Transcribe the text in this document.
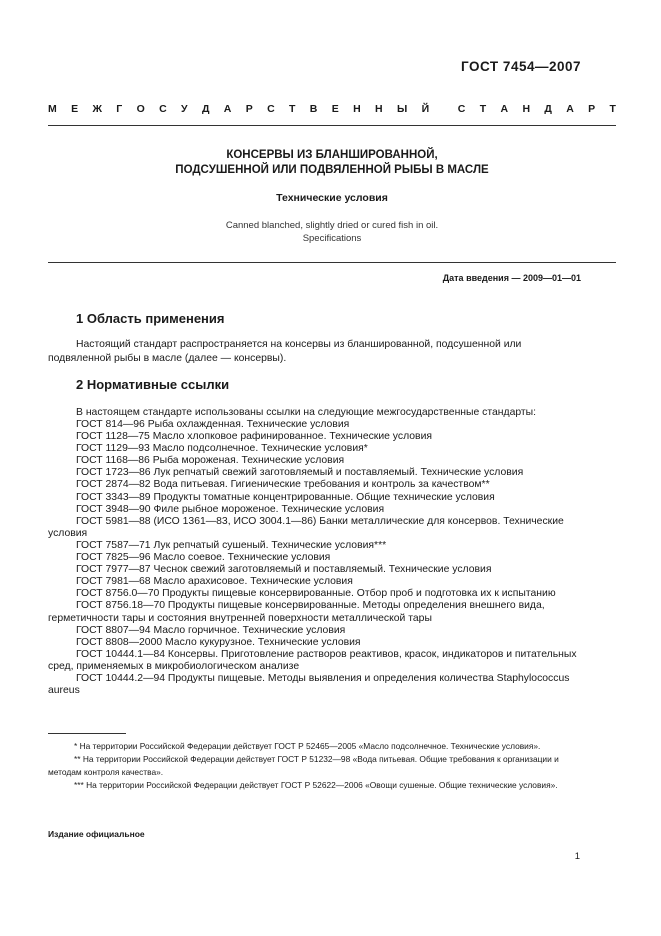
ГОСТ 7454—2007
М Е Ж Г О С У Д А Р С Т В Е Н Н Ы Й	С Т А Н Д А Р Т
КОНСЕРВЫ ИЗ БЛАНШИРОВАННОЙ,
ПОДСУШЕННОЙ ИЛИ ПОДВЯЛЕННОЙ РЫБЫ В МАСЛЕ
Технические условия
Canned blanched, slightly dried or cured fish in oil.
Specifications
Дата введения — 2009—01—01
1 Область применения
Настоящий стандарт распространяется на консервы из бланшированной, подсушенной или подвяленной рыбы в масле (далее — консервы).
2 Нормативные ссылки
В настоящем стандарте использованы ссылки на следующие межгосударственные стандарты:
ГОСТ 814—96 Рыба охлажденная. Технические условия
ГОСТ 1128—75 Масло хлопковое рафинированное. Технические условия
ГОСТ 1129—93 Масло подсолнечное. Технические условия*
ГОСТ 1168—86 Рыба мороженая. Технические условия
ГОСТ 1723—86 Лук репчатый свежий заготовляемый и поставляемый. Технические условия
ГОСТ 2874—82 Вода питьевая. Гигиенические требования и контроль за качеством**
ГОСТ 3343—89 Продукты томатные концентрированные. Общие технические условия
ГОСТ 3948—90 Филе рыбное мороженое. Технические условия
ГОСТ 5981—88 (ИСО 1361—83, ИСО 3004.1—86) Банки металлические для консервов. Технические условия
ГОСТ 7587—71 Лук репчатый сушеный. Технические условия***
ГОСТ 7825—96 Масло соевое. Технические условия
ГОСТ 7977—87 Чеснок свежий заготовляемый и поставляемый. Технические условия
ГОСТ 7981—68 Масло арахисовое. Технические условия
ГОСТ 8756.0—70 Продукты пищевые консервированные. Отбор проб и подготовка их к испытанию
ГОСТ 8756.18—70 Продукты пищевые консервированные. Методы определения внешнего вида, герметичности тары и состояния внутренней поверхности металлической тары
ГОСТ 8807—94 Масло горчичное. Технические условия
ГОСТ 8808—2000 Масло кукурузное. Технические условия
ГОСТ 10444.1—84 Консервы. Приготовление растворов реактивов, красок, индикаторов и питательных сред, применяемых в микробиологическом анализе
ГОСТ 10444.2—94 Продукты пищевые. Методы выявления и определения количества Staphylococcus aureus
* На территории Российской Федерации действует ГОСТ Р 52465—2005 «Масло подсолнечное. Технические условия».
** На территории Российской Федерации действует ГОСТ Р 51232—98 «Вода питьевая. Общие требования к организации и методам контроля качества».
*** На территории Российской Федерации действует ГОСТ Р 52622—2006 «Овощи сушеные. Общие технические условия».
Издание официальное
1
